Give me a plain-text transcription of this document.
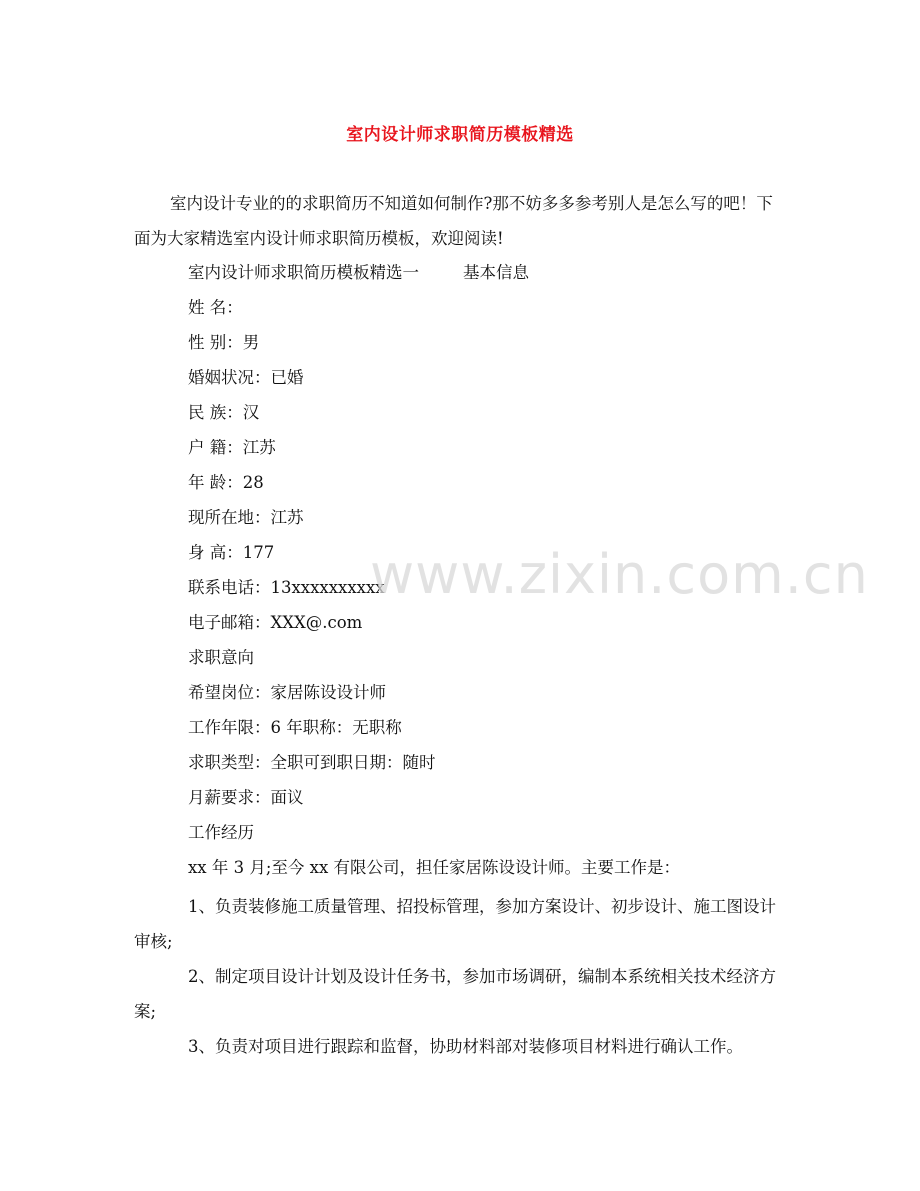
室内设计师求职简历模板精选
室内设计专业的的求职简历不知道如何制作?那不妨多多参考别人是怎么写的吧！下面为大家精选室内设计师求职简历模板，欢迎阅读!
室内设计师求职简历模板精选一	基本信息
姓 名：
性 别：男
婚姻状况：已婚
民 族：汉
户 籍：江苏
年 龄：28
现所在地：江苏
身 高：177
联系电话：13xxxxxxxxxx
电子邮箱：XXX@.com
求职意向
希望岗位：家居陈设设计师
工作年限：6 年职称：无职称
求职类型：全职可到职日期：随时
月薪要求：面议
工作经历
xx 年 3 月;至今 xx 有限公司，担任家居陈设设计师。主要工作是：
1、负责装修施工质量管理、招投标管理，参加方案设计、初步设计、施工图设计审核;
2、制定项目设计计划及设计任务书，参加市场调研，编制本系统相关技术经济方案;
3、负责对项目进行跟踪和监督，协助材料部对装修项目材料进行确认工作。
www.zixin.com.cn
